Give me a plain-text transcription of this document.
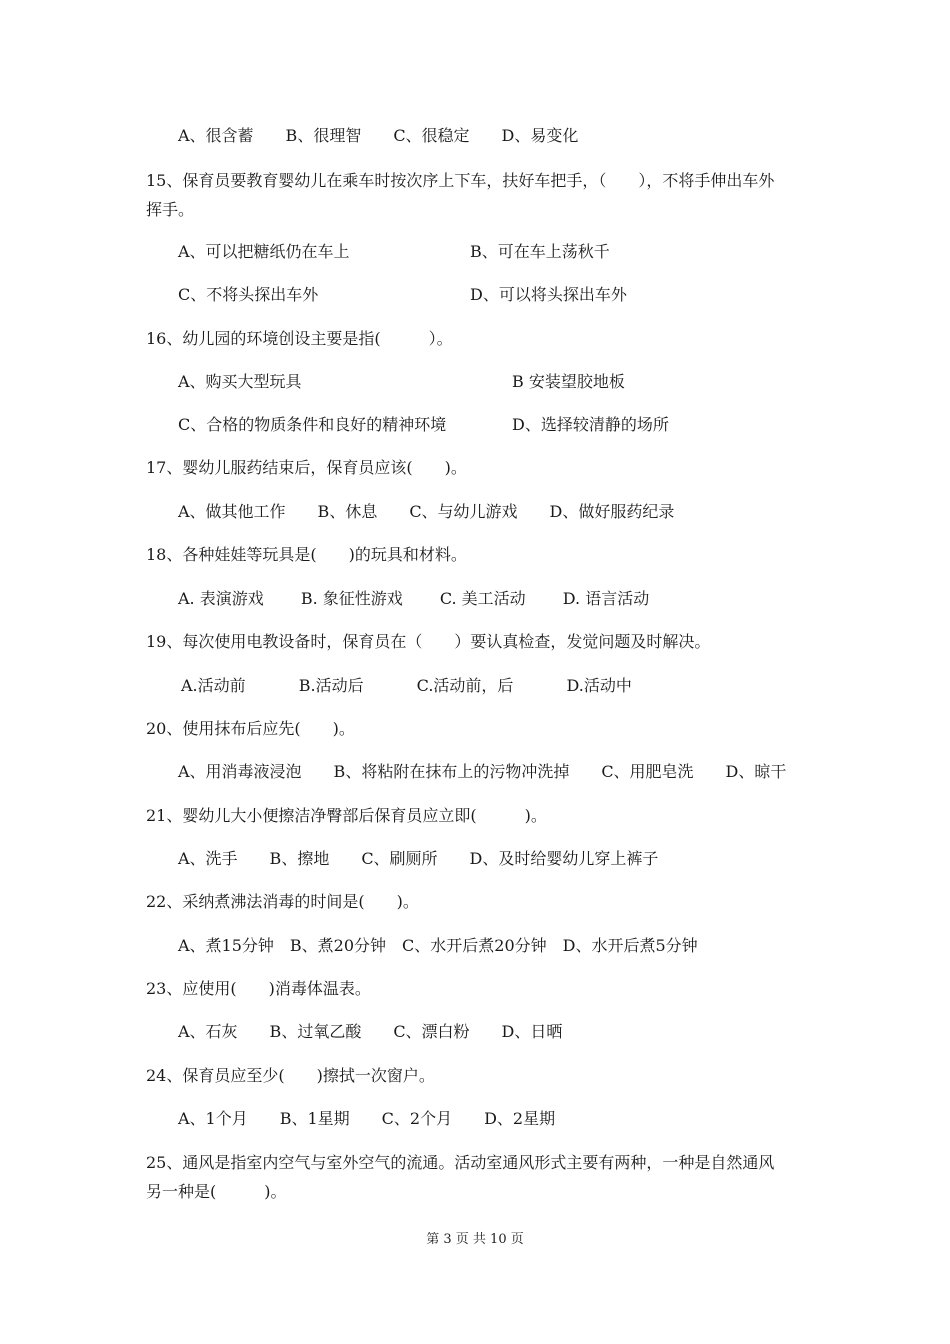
A、很含蓄　　B、很理智　　C、很稳定　　D、易变化
15、保育员要教育婴幼儿在乘车时按次序上下车，扶好车把手，（　　），不将手伸出车外
挥手。
A、可以把糖纸仍在车上	B、可在车上荡秋千
C、不将头探出车外	D、可以将头探出车外
16、幼儿园的环境创设主要是指(　　　）。
A、购买大型玩具	B 安装望胶地板
C、合格的物质条件和良好的精神环境	D、选择较清静的场所
17、婴幼儿服药结束后，保育员应该(　　)。
A、做其他工作　　B、休息　　C、与幼儿游戏　　D、做好服药纪录
18、各种娃娃等玩具是(　　)的玩具和材料。
A. 表演游戏　　 B. 象征性游戏　　 C. 美工活动　　 D. 语言活动
19、每次使用电教设备时，保育员在（　　）要认真检查，发觉问题及时解决。
A.活动前　　　 B.活动后　　　 C.活动前，后　　　 D.活动中
20、使用抹布后应先(　　)。
A、用消毒液浸泡　　B、将粘附在抹布上的污物冲洗掉　　C、用肥皂洗　　D、晾干
21、婴幼儿大小便擦洁净臀部后保育员应立即(　　　)。
A、洗手　　B、擦地　　C、刷厕所　　D、及时给婴幼儿穿上裤子
22、采纳煮沸法消毒的时间是(　　)。
A、煮15分钟　B、煮20分钟　C、水开后煮20分钟　D、水开后煮5分钟
23、应使用(　　)消毒体温表。
A、石灰　　B、过氧乙酸　　C、漂白粉　　D、日晒
24、保育员应至少(　　)擦拭一次窗户。
A、1个月　　B、1星期　　C、2个月　　D、2星期
25、通风是指室内空气与室外空气的流通。活动室通风形式主要有两种，一种是自然通风
另一种是(　　　)。
第 3 页 共 10 页
